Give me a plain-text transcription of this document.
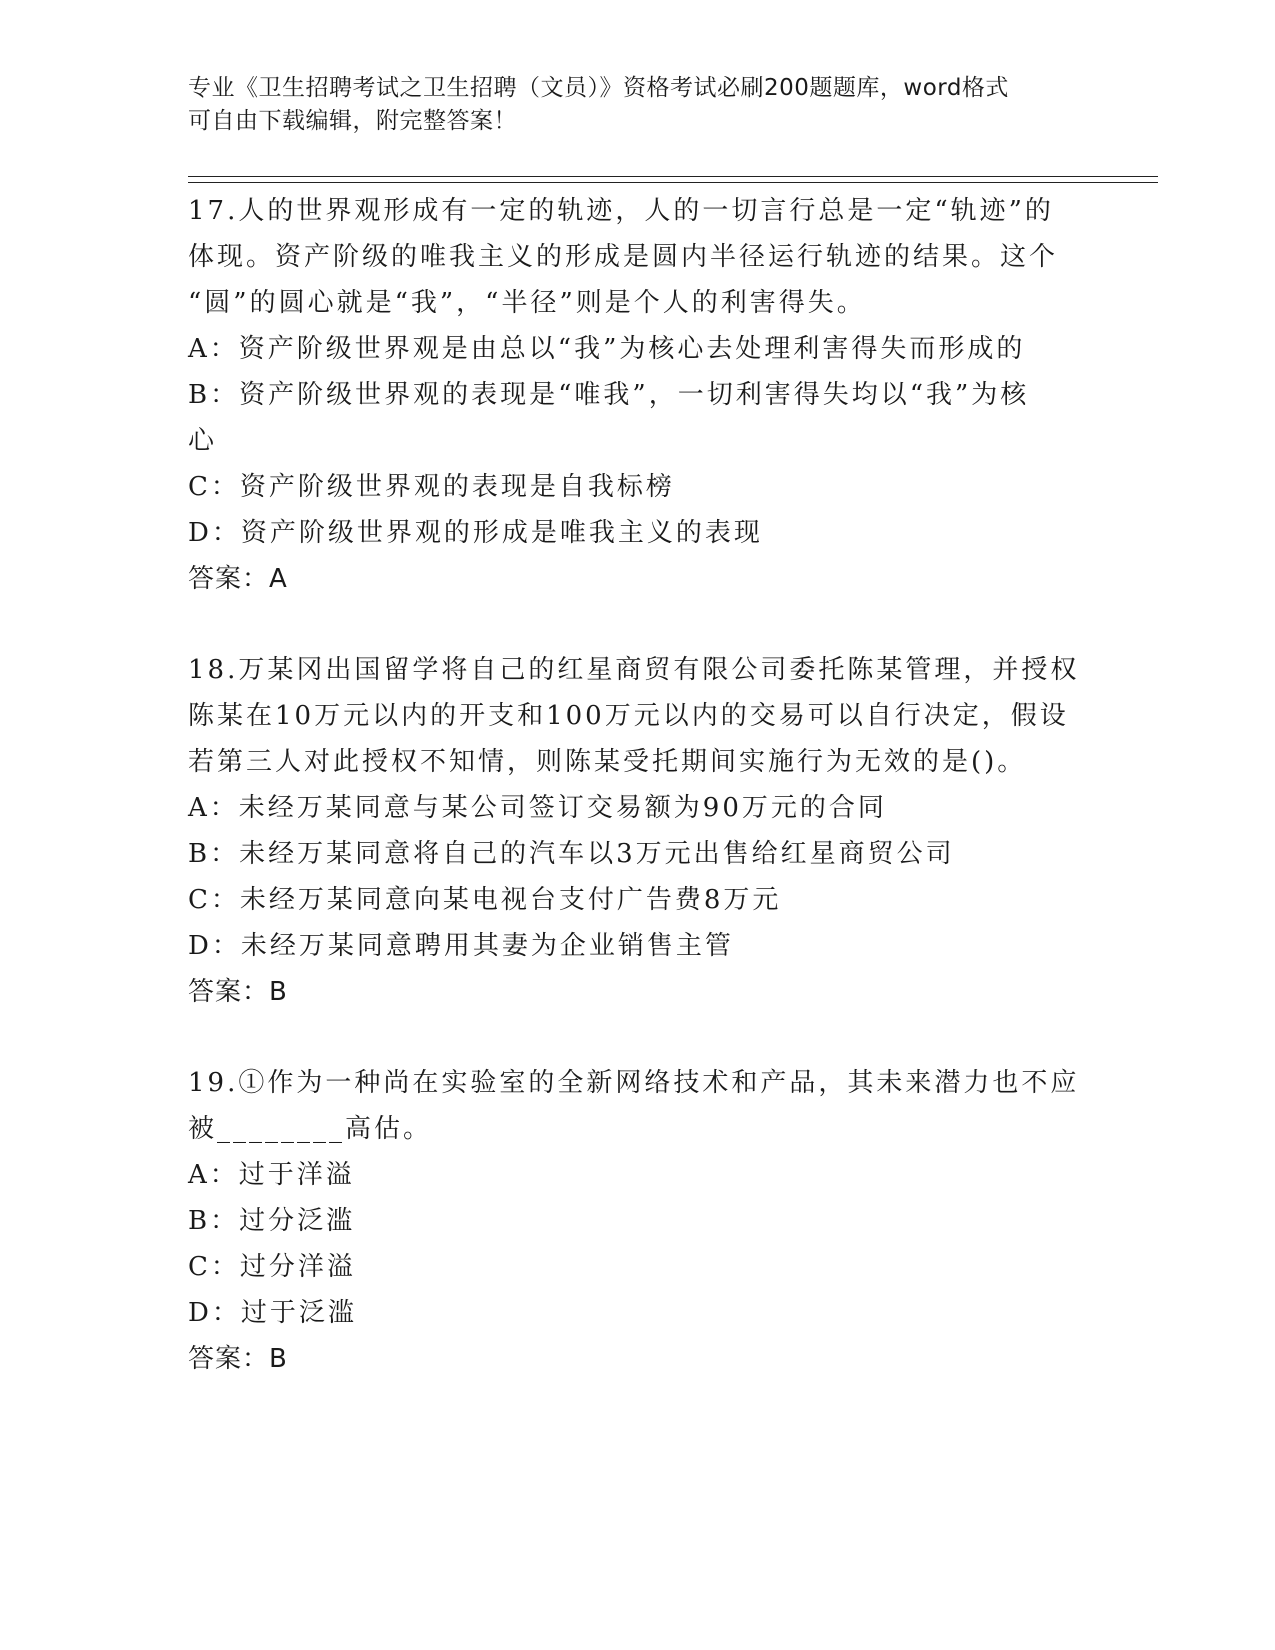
专业《卫生招聘考试之卫生招聘（文员）》资格考试必刷200题题库，word格式
可自由下载编辑，附完整答案！

17.人的世界观形成有一定的轨迹，人的一切言行总是一定“轨迹”的

体现。资产阶级的唯我主义的形成是圆内半径运行轨迹的结果。这个

“圆”的圆心就是“我”，“半径”则是个人的利害得失。

A：资产阶级世界观是由总以“我”为核心去处理利害得失而形成的

B：资产阶级世界观的表现是“唯我”，一切利害得失均以“我”为核

心

C：资产阶级世界观的表现是自我标榜

D：资产阶级世界观的形成是唯我主义的表现

答案：A

18.万某冈出国留学将自己的红星商贸有限公司委托陈某管理，并授权

陈某在10万元以内的开支和100万元以内的交易可以自行决定，假设

若第三人对此授权不知情，则陈某受托期间实施行为无效的是()。

A：未经万某同意与某公司签订交易额为90万元的合同

B：未经万某同意将自己的汽车以3万元出售给红星商贸公司

C：未经万某同意向某电视台支付广告费8万元

D：未经万某同意聘用其妻为企业销售主管

答案：B

19.①作为一种尚在实验室的全新网络技术和产品，其未来潜力也不应

被________高估。

A：过于洋溢

B：过分泛滥

C：过分洋溢

D：过于泛滥

答案：B
